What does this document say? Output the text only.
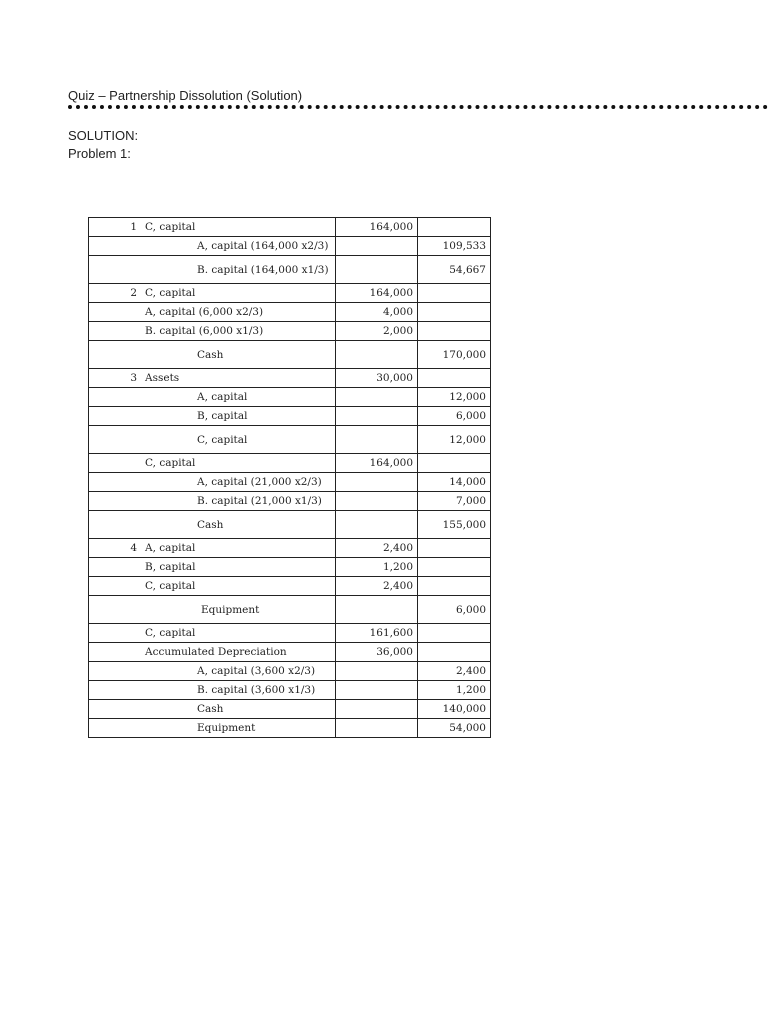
Quiz – Partnership Dissolution (Solution)
SOLUTION:
Problem 1:
1 C, capital	164,000	
A, capital (164,000 x2/3)		109,533
B. capital (164,000 x1/3)		54,667
2 C, capital	164,000	
A, capital (6,000 x2/3)	4,000	
B. capital (6,000 x1/3)	2,000	
Cash		170,000
3 Assets	30,000	
A, capital		12,000
B, capital		6,000
C, capital		12,000
C, capital	164,000	
A, capital (21,000 x2/3)		14,000
B. capital (21,000 x1/3)		7,000
Cash		155,000
4 A, capital	2,400	
B, capital	1,200	
C, capital	2,400	
Equipment		6,000
C, capital	161,600	
Accumulated Depreciation	36,000	
A, capital (3,600 x2/3)		2,400
B. capital (3,600 x1/3)		1,200
Cash		140,000
Equipment		54,000
